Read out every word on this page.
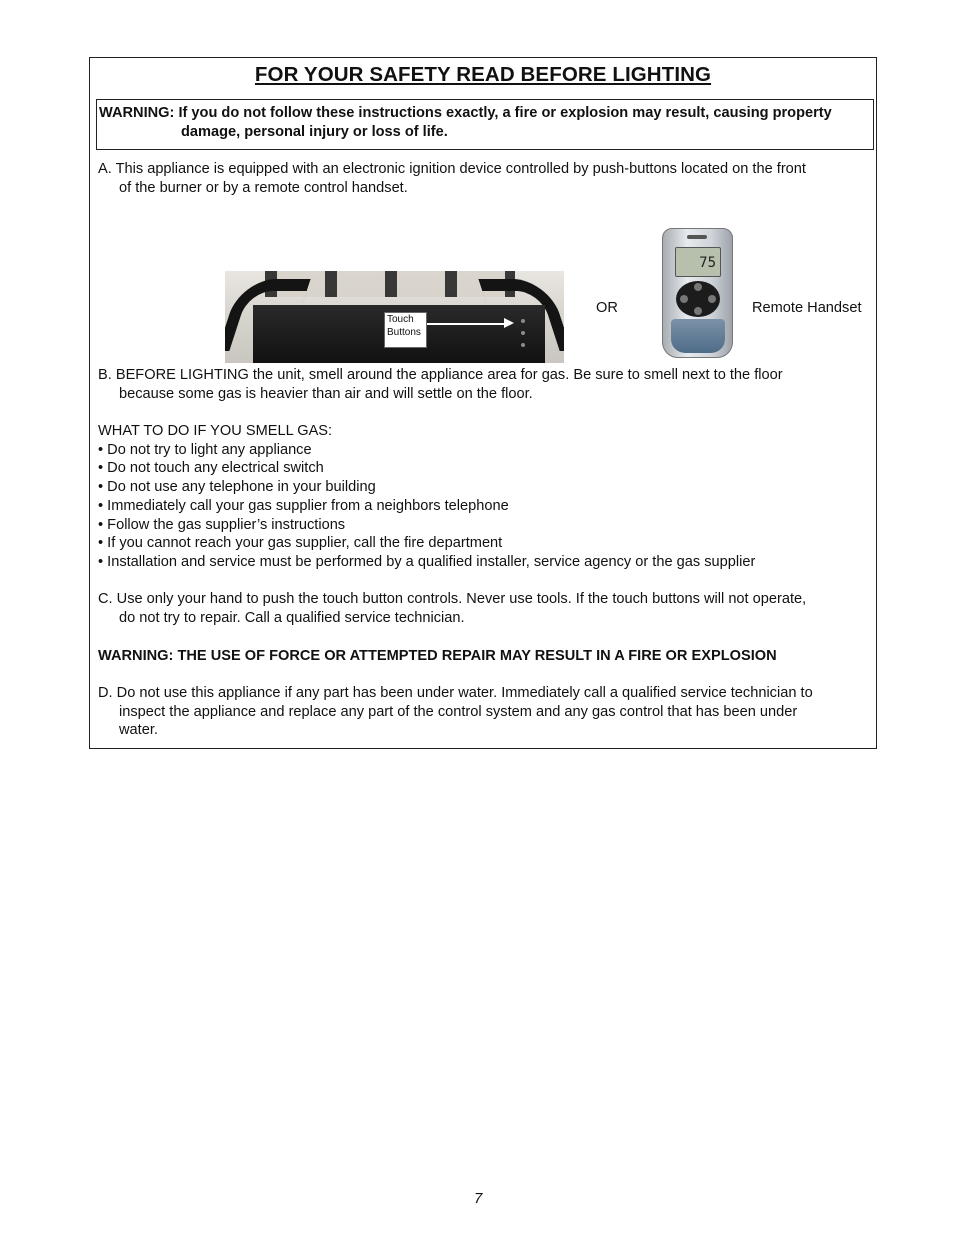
FOR YOUR SAFETY READ BEFORE LIGHTING
WARNING: If you do not follow these instructions exactly, a fire or explosion may result, causing property
damage, personal injury or loss of life.
A. This appliance is equipped with an electronic ignition device controlled by push-buttons located on the front
of the burner or by a remote control handset.
Touch
Buttons
OR
75
Remote Handset
B. BEFORE LIGHTING the unit, smell around the appliance area for gas. Be sure to smell next to the floor
because some gas is heavier than air and will settle on the floor.
WHAT TO DO IF YOU SMELL GAS:
• Do not try to light any appliance
• Do not touch any electrical switch
• Do not use any telephone in your building
• Immediately call your gas supplier from a neighbors telephone
• Follow the gas supplier’s instructions
• If you cannot reach your gas supplier, call the fire department
• Installation and service must be performed by a qualified installer, service agency or the gas supplier
C. Use only your hand to push the touch button controls. Never use tools. If the touch buttons will not operate,
do not try to repair. Call a qualified service technician.
WARNING: THE USE OF FORCE OR ATTEMPTED REPAIR MAY RESULT IN A FIRE OR EXPLOSION
D. Do not use this appliance if any part has been under water. Immediately call a qualified service technician to
inspect the appliance and replace any part of the control system and any gas control that has been under
water.
7
